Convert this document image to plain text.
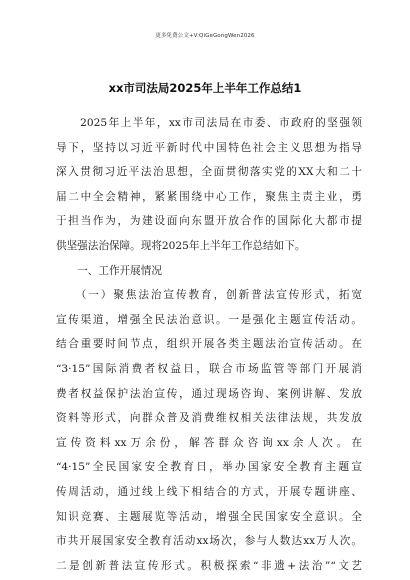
更多免费公文+V:QiGeGongWen2026
xx市司法局2025年上半年工作总结1
　　2025年上半年，xx市司法局在市委、市政府的坚强领
导下，坚持以习近平新时代中国特色社会主义思想为指导
深入贯彻习近平法治思想，全面贯彻落实党的XX大和二十
届二中全会精神，紧紧围绕中心工作，聚焦主责主业，勇
于担当作为，为建设面向东盟开放合作的国际化大都市提
供坚强法治保障。现将2025年上半年工作总结如下。
　　一、工作开展情况
　　（一）聚焦法治宣传教育，创新普法宣传形式，拓宽
宣传渠道，增强全民法治意识。一是强化主题宣传活动。
结合重要时间节点，组织开展各类主题法治宣传活动。在
“3·15”国际消费者权益日，联合市场监管等部门开展消
费者权益保护法治宣传，通过现场咨询、案例讲解、发放
资料等形式，向群众普及消费维权相关法律法规，共发放
宣传资料xx万余份，解答群众咨询xx余人次。在
“4·15”全民国家安全教育日，举办国家安全教育主题宣
传周活动，通过线上线下相结合的方式，开展专题讲座、
知识竞赛、主题展览等活动，增强全民国家安全意识。全
市共开展国家安全教育活动xx场次，参与人数达xx万人次。
二是创新普法宣传形式。积极探索“非遗+法治”“文艺
